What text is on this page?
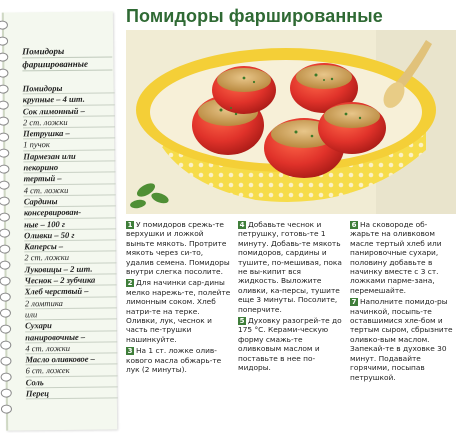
Помидоры фаршированные
Помидоры
фаршированные
Помидоры
крупные – 4 шт.
Сок лимонный –
2 ст. ложки
Петрушка –
1 пучок
Пармезан или
пекорино
тертый –
4 ст. ложки
Сардины
консервирован-
ные – 100 г
Оливки – 50 г
Каперсы –
2 ст. ложки
Луковицы – 2 шт.
Чеснок – 2 зубчика
Хлеб черствый –
2 ломтика
или
Сухари
панировочные –
4 ст. ложки
Масло оливковое –
6 ст. ложек
Соль
Перец

1 У помидоров срежь-те верхушки и ложкой выньте мякоть. Протрите мякоть через си-то, удалив семена. Помидоры внутри слегка посолите.

2 Для начинки сар-дины мелко нарежь-те, полейте лимонным соком. Хлеб натри-те на терке. Оливки, лук, чеснок и часть пе-трушки нашинкуйте.

3 На 1 ст. ложке олив-кового масла обжарь-те лук (2 минуты).

4 Добавьте чеснок и петрушку, готовь-те 1 минуту. Добавь-те мякоть помидоров, сардины и тушите, по-мешивая, пока не вы-кипит вся жидкость. Выложите оливки, ка-персы, тушите еще 3 минуты. Посолите, поперчите.

5 Духовку разогрей-те до 175 °С. Керами-ческую форму смажь-те оливковым маслом и поставьте в нее по-мидоры.

6 На сковороде об-жарьте на оливковом масле тертый хлеб или панировочные сухари, половину добавьте в начинку вместе с 3 ст. ложками парме-зана, перемешайте.

7 Наполните помидо-ры начинкой, посыпь-те оставшимися хле-бом и тертым сыром, сбрызните оливко-вым маслом. Запекай-те в духовке 30 минут. Подавайте горячими, посыпав петрушкой.
